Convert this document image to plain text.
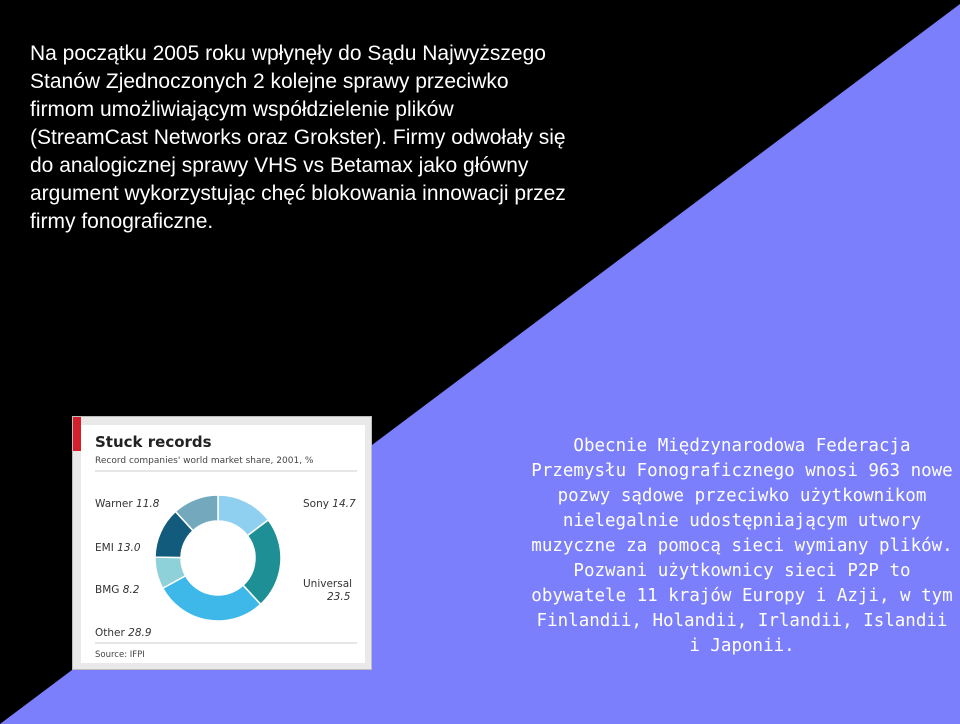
Na początku 2005 roku wpłynęły do Sądu Najwyższego Stanów Zjednoczonych 2 kolejne sprawy przeciwko firmom umożliwiającym współdzielenie plików (StreamCast Networks oraz Grokster). Firmy odwołały się do analogicznej sprawy VHS vs Betamax jako główny argument wykorzystując chęć blokowania innowacji przez firmy fonograficzne.

Stuck records
Record companies' world market share, 2001, %
Sony 14.7
Universal 23.5
Other 28.9
BMG 8.2
EMI 13.0
Warner 11.8
Source: IFPI

Obecnie Międzynarodowa Federacja Przemysłu Fonograficznego wnosi 963 nowe pozwy sądowe przeciwko użytkownikom nielegalnie udostępniającym utwory muzyczne za pomocą sieci wymiany plików. Pozwani użytkownicy sieci P2P to obywatele 11 krajów Europy i Azji, w tym Finlandii, Holandii, Irlandii, Islandii i Japonii.
